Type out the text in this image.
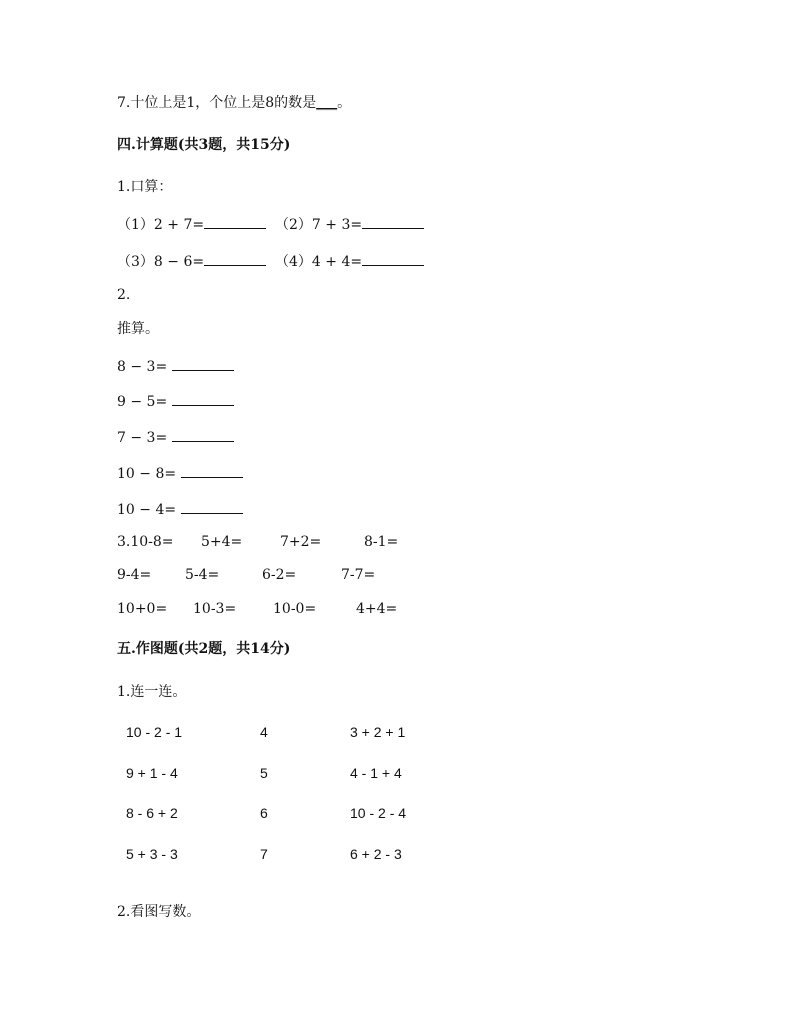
7.十位上是1，个位上是8的数是___。
四.计算题(共3题，共15分)
1.口算：
（1）2 + 7=	（2）7 + 3=
（3）8 − 6=	（4）4 + 4=
2.
推算。
8 − 3=
9 − 5=
7 − 3=
10 − 8=
10 − 4=
3.10-8= 5+4=	7+2=	8-1=
9-4= 5-4=	6-2=	7-7=
10+0= 10-3=	10-0=	4+4=
五.作图题(共2题，共14分)
1.连一连。
10 - 2 - 1	4	3 + 2 + 1
9 + 1 - 4	5	4 - 1 + 4
8 - 6 + 2	6	10 - 2 - 4
5 + 3 - 3	7	6 + 2 - 3
2.看图写数。
